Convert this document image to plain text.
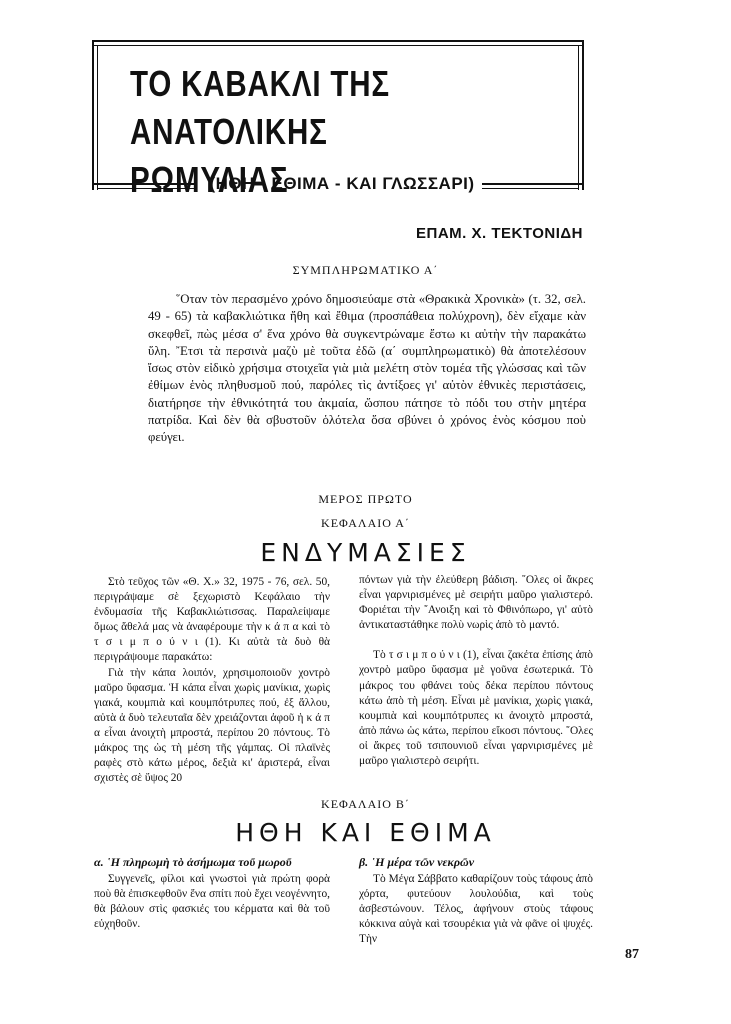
ΤΟ ΚΑΒΑΚΛΙ ΤΗΣ ΑΝΑΤΟΛΙΚΗΣ
ΡΩΜΥΛΙΑΣ
(ΗΘΗ - ΕΘΙΜΑ - ΚΑΙ ΓΛΩΣΣΑΡΙ)
ΕΠΑΜ. Χ. ΤΕΚΤΟΝΙΔΗ
ΣΥΜΠΛΗΡΩΜΑΤΙΚΟ Α΄

῞Οταν τὸν περασμένο χρόνο δημοσιεύαμε στὰ «Θρακικὰ Χρονικὰ» (τ. 32, σελ. 49 - 65) τὰ καβακλιώτικα ἤθη καὶ ἔθιμα (προσπάθεια πολύχρονη), δὲν εἴχαμε κὰν σκεφθεῖ, πὼς μέσα σ' ἕνα χρόνο θὰ συγκεντρώναμε ἔστω κι αὐτὴν τὴν παρακάτω ὕλη. ῎Ετσι τὰ περσινὰ μαζὺ μὲ τοῦτα ἐδῶ (α΄ συμπληρωματικὸ) θὰ ἀποτελέσουν ἴσως στὸν εἰδικὸ χρήσιμα στοιχεῖα γιὰ μιὰ μελέτη στὸν τομέα τῆς γλώσσας καὶ τῶν ἐθίμων ἑνὸς πληθυσμοῦ πού, παρόλες τὶς ἀντίξοες γι' αὐτὸν ἐθνικὲς περιστάσεις, διατήρησε τὴν ἐθνικότητά του ἀκμαία, ὥσπου πάτησε τὸ πόδι του στὴν μητέρα πατρίδα. Καὶ δὲν θὰ σβυστοῦν ὁλότελα ὅσα σβύνει ὁ χρόνος ἑνὸς κόσμου ποὺ φεύγει.

ΜΕΡΟΣ ΠΡΩΤΟ
ΚΕΦΑΛΑΙΟ Α΄
ΕΝΔΥΜΑΣΙΕΣ

Στὸ τεῦχος τῶν «Θ. Χ.» 32, 1975 - 76, σελ. 50, περιγράψαμε σὲ ξεχωριστὸ Κεφάλαιο τὴν ἐνδυμασία τῆς Καβακλιώτισσας. Παραλείψαμε ὅμως ἄθελά μας νὰ ἀναφέρουμε τὴν κ ά π α καὶ τὸ τ σ ι μ π ο ύ ν ι (1). Κι αὐτὰ τὰ δυὸ θὰ περιγράψουμε παρακάτω:

Γιὰ τὴν κάπα λοιπόν, χρησιμοποιοῦν χοντρὸ μαῦρο ὕφασμα. Ἡ κάπα εἶναι χωρὶς μανίκια, χωρὶς γιακά, κουμπιὰ καὶ κουμπότρυπες πού, ἐξ ἄλλου, αὐτὰ ἀ δυὸ τελευταῖα δὲν χρειάζονται ἀφοῦ ἡ κ ά π α εἶναι ἀνοιχτὴ μπροστά, περίπου 20 πόντους. Τὸ μάκρος της ὡς τὴ μέση τῆς γάμπας. Οἱ πλαϊνὲς ραφὲς στὸ κάτω μέρος, δεξιὰ κι' ἀριστερά, εἶναι σχιστὲς σὲ ὕψος 20

πόντων γιὰ τὴν ἐλεύθερη βάδιση. ῞Ολες οἱ ἄκρες εἶναι γαρνιρισμένες μὲ σειρήτι μαῦρο γιαλιστερό. Φοριέται τὴν ῎Ανοιξη καὶ τὸ Φθινόπωρο, γι' αὐτὸ ἀντικαταστάθηκε πολὺ νωρὶς ἀπὸ τὸ μαντό.

Τὸ τ σ ι μ π ο ύ ν ι (1), εἶναι ζακέτα ἐπίσης ἀπὸ χοντρὸ μαῦρο ὕφασμα μὲ γοῦνα ἐσωτερικά. Τὸ μάκρος του φθάνει τοὺς δέκα περίπου πόντους κάτω ἀπὸ τὴ μέση. Εἶναι μὲ μανίκια, χωρὶς γιακά, κουμπιὰ καὶ κουμπότρυπες κι ἀνοιχτὸ μπροστά, ἀπὸ πάνω ὡς κάτω, περίπου εἴκοσι πόντους. ῞Ολες οἱ ἄκρες τοῦ τσιπουνιοῦ εἶναι γαρνιρισμένες μὲ μαῦρο γιαλιστερὸ σειρήτι.

ΚΕΦΑΛΑΙΟ Β΄
ΗΘΗ ΚΑΙ ΕΘΙΜΑ

α. ῾Η πληρωμὴ τὸ ἀσήμωμα τοῦ μωροῦ

Συγγενεῖς, φίλοι καὶ γνωστοὶ γιὰ πρώτη φορὰ ποὺ θὰ ἐπισκεφθοῦν ἕνα σπίτι ποὺ ἔχει νεογέννητο, θὰ βάλουν στὶς φασκιές του κέρματα καὶ θὰ τοῦ εὐχηθοῦν.

β. ῾Η μέρα τῶν νεκρῶν

Τὸ Μέγα Σάββατο καθαρίζουν τοὺς τάφους ἀπὸ χόρτα, φυτεύουν λουλούδια, καὶ τοὺς ἀσβεστώνουν. Τέλος, ἀφήνουν στοὺς τάφους κόκκινα αὐγὰ καὶ τσουρέκια γιὰ νὰ φᾶνε οἱ ψυχές. Τὴν

87
